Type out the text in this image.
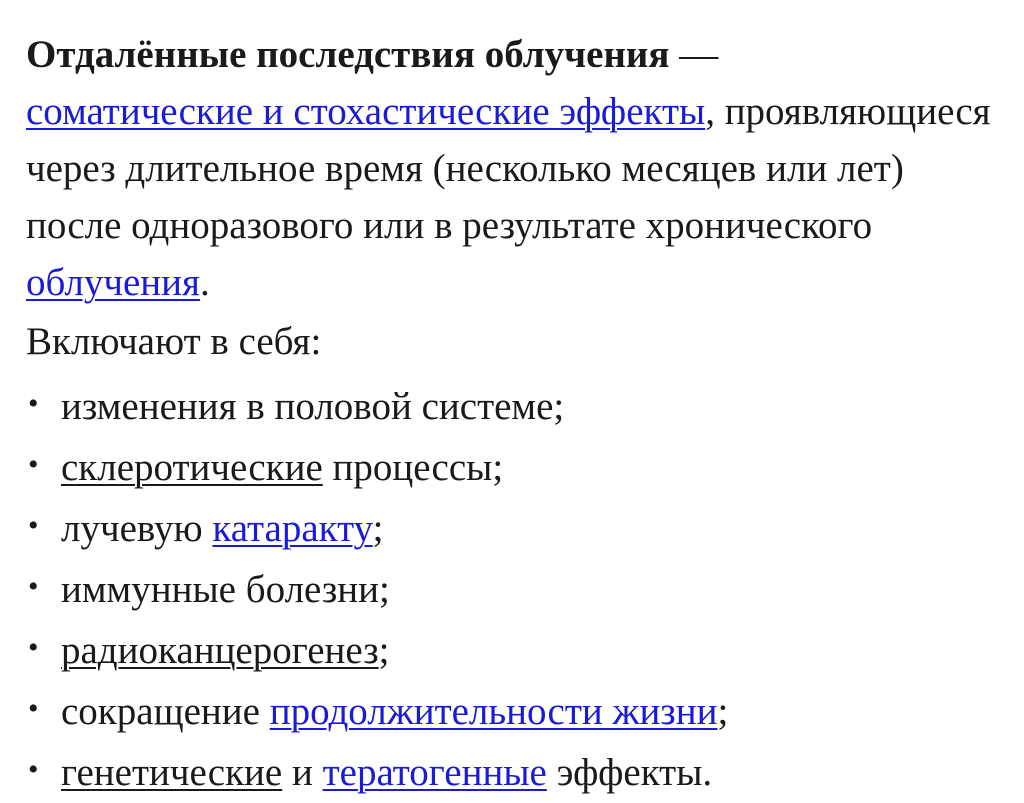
Отдалённые последствия облучения —
соматические и стохастические эффекты, проявляющиеся через длительное время (несколько месяцев или лет) после одноразового или в результате хронического облучения.

Включают в себя:

• изменения в половой системе;
• склеротические процессы;
• лучевую катаракту;
• иммунные болезни;
• радиоканцерогенез;
• сокращение продолжительности жизни;
• генетические и тератогенные эффекты.
